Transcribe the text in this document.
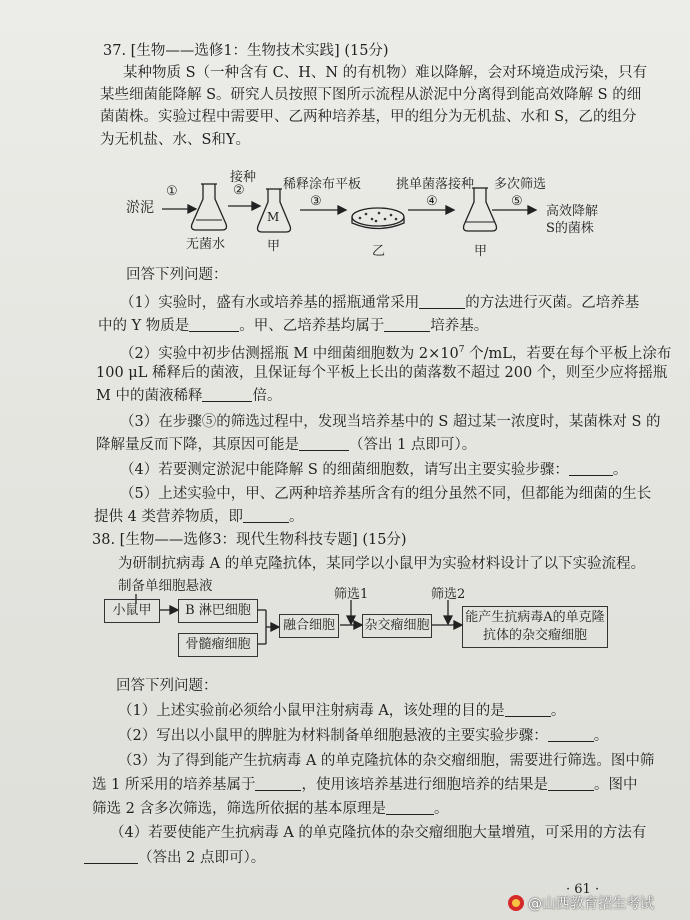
37. [生物——选修1：生物技术实践] (15分)
某种物质 S（一种含有 C、H、N 的有机物）难以降解，会对环境造成污染，只有
某些细菌能降解 S。研究人员按照下图所示流程从淤泥中分离得到能高效降解 S 的细
菌菌株。实验过程中需要甲、乙两种培养基，甲的组分为无机盐、水和 S，乙的组分
为无机盐、水、S和Y。
淤泥
①	②
③	④	⑤
接种 稀释涂布平板	挑单菌落接种 多次筛选
无菌水
M
甲	乙	甲
高效降解
S的菌株
回答下列问题：
（1）实验时，盛有水或培养基的摇瓶通常采用	的方法进行灭菌。乙培养基
中的 Y 物质是	。甲、乙培养基均属于	培养基。
（2）实验中初步估测摇瓶 M 中细菌细胞数为 $2\times 10^7$ 个/mL，若要在每个平板上涂布
100 μL 稀释后的菌液，且保证每个平板上长出的菌落数不超过 200 个，则至少应将摇瓶
M 中的菌液稀释	倍。
（3）在步骤⑤的筛选过程中，发现当培养基中的 S 超过某一浓度时，某菌株对 S 的
降解量反而下降，其原因可能是	（答出 1 点即可）。
（4）若要测定淤泥中能降解 S 的细菌细胞数，请写出主要实验步骤：	。
（5）上述实验中，甲、乙两种培养基所含有的组分虽然不同，但都能为细菌的生长
提供 4 类营养物质，即	。
38. [生物——选修3：现代生物科技专题] (15分)
为研制抗病毒 A 的单克隆抗体，某同学以小鼠甲为实验材料设计了以下实验流程。
制备单细胞悬液
小鼠甲	B 淋巴细胞
骨髓瘤细胞
融合细胞
筛选1
杂交瘤细胞
筛选2
能产生抗病毒A的单克隆
抗体的杂交瘤细胞
回答下列问题：
（1）上述实验前必须给小鼠甲注射病毒 A，该处理的目的是	。
（2）写出以小鼠甲的脾脏为材料制备单细胞悬液的主要实验步骤：	。
（3）为了得到能产生抗病毒 A 的单克隆抗体的杂交瘤细胞，需要进行筛选。图中筛
选 1 所采用的培养基属于	，使用该培养基进行细胞培养的结果是	。图中
筛选 2 含多次筛选，筛选所依据的基本原理是	。
（4）若要使能产生抗病毒 A 的单克隆抗体的杂交瘤细胞大量增殖，可采用的方法有
（答出 2 点即可）。
· 61 ·
@山西教育招生考试
